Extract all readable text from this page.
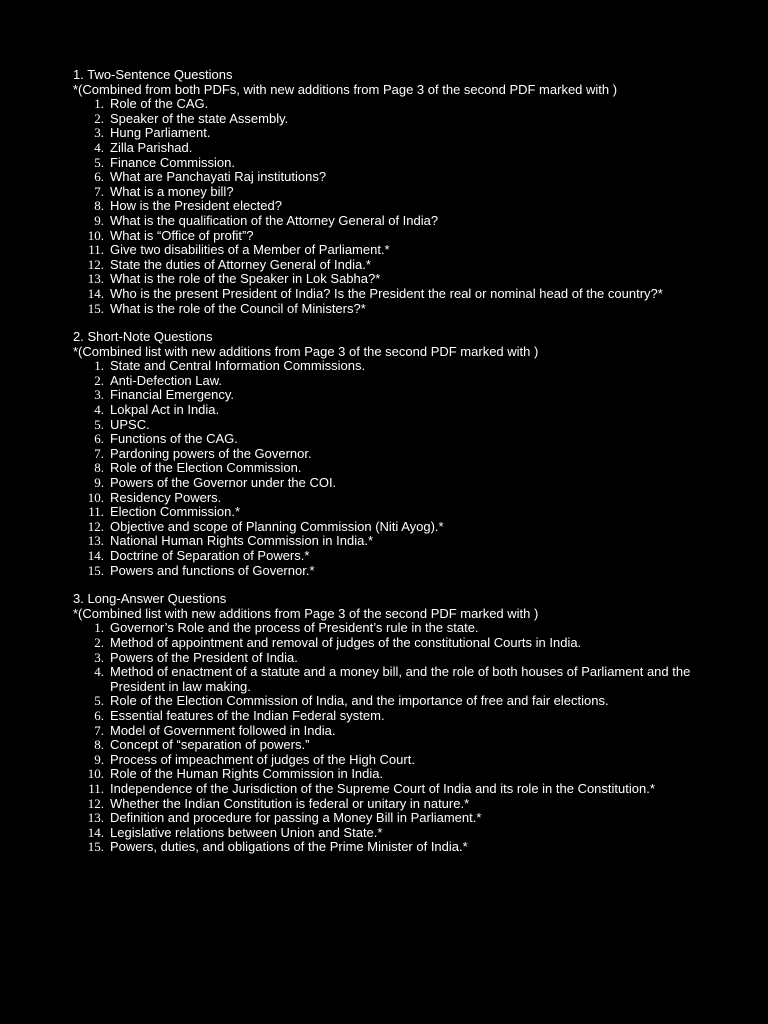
1. Two-Sentence Questions

*(Combined from both PDFs, with new additions from Page 3 of the second PDF marked with )

1. Role of the CAG.
2. Speaker of the state Assembly.
3. Hung Parliament.
4. Zilla Parishad.
5. Finance Commission.
6. What are Panchayati Raj institutions?
7. What is a money bill?
8. How is the President elected?
9. What is the qualification of the Attorney General of India?
10. What is “Office of profit”?
11. Give two disabilities of a Member of Parliament.*
12. State the duties of Attorney General of India.*
13. What is the role of the Speaker in Lok Sabha?*
14. Who is the present President of India? Is the President the real or nominal head of the country?*
15. What is the role of the Council of Ministers?*
2. Short-Note Questions

*(Combined list with new additions from Page 3 of the second PDF marked with )

1. State and Central Information Commissions.
2. Anti-Defection Law.
3. Financial Emergency.
4. Lokpal Act in India.
5. UPSC.
6. Functions of the CAG.
7. Pardoning powers of the Governor.
8. Role of the Election Commission.
9. Powers of the Governor under the COI.
10. Residency Powers.
11. Election Commission.*
12. Objective and scope of Planning Commission (Niti Ayog).*
13. National Human Rights Commission in India.*
14. Doctrine of Separation of Powers.*
15. Powers and functions of Governor.*
3. Long-Answer Questions

*(Combined list with new additions from Page 3 of the second PDF marked with )

1. Governor’s Role and the process of President’s rule in the state.
2. Method of appointment and removal of judges of the constitutional Courts in India.
3. Powers of the President of India.
4. Method of enactment of a statute and a money bill, and the role of both houses of Parliament and the President in law making.
5. Role of the Election Commission of India, and the importance of free and fair elections.
6. Essential features of the Indian Federal system.
7. Model of Government followed in India.
8. Concept of “separation of powers.”
9. Process of impeachment of judges of the High Court.
10. Role of the Human Rights Commission in India.
11. Independence of the Jurisdiction of the Supreme Court of India and its role in the Constitution.*
12. Whether the Indian Constitution is federal or unitary in nature.*
13. Definition and procedure for passing a Money Bill in Parliament.*
14. Legislative relations between Union and State.*
15. Powers, duties, and obligations of the Prime Minister of India.*
